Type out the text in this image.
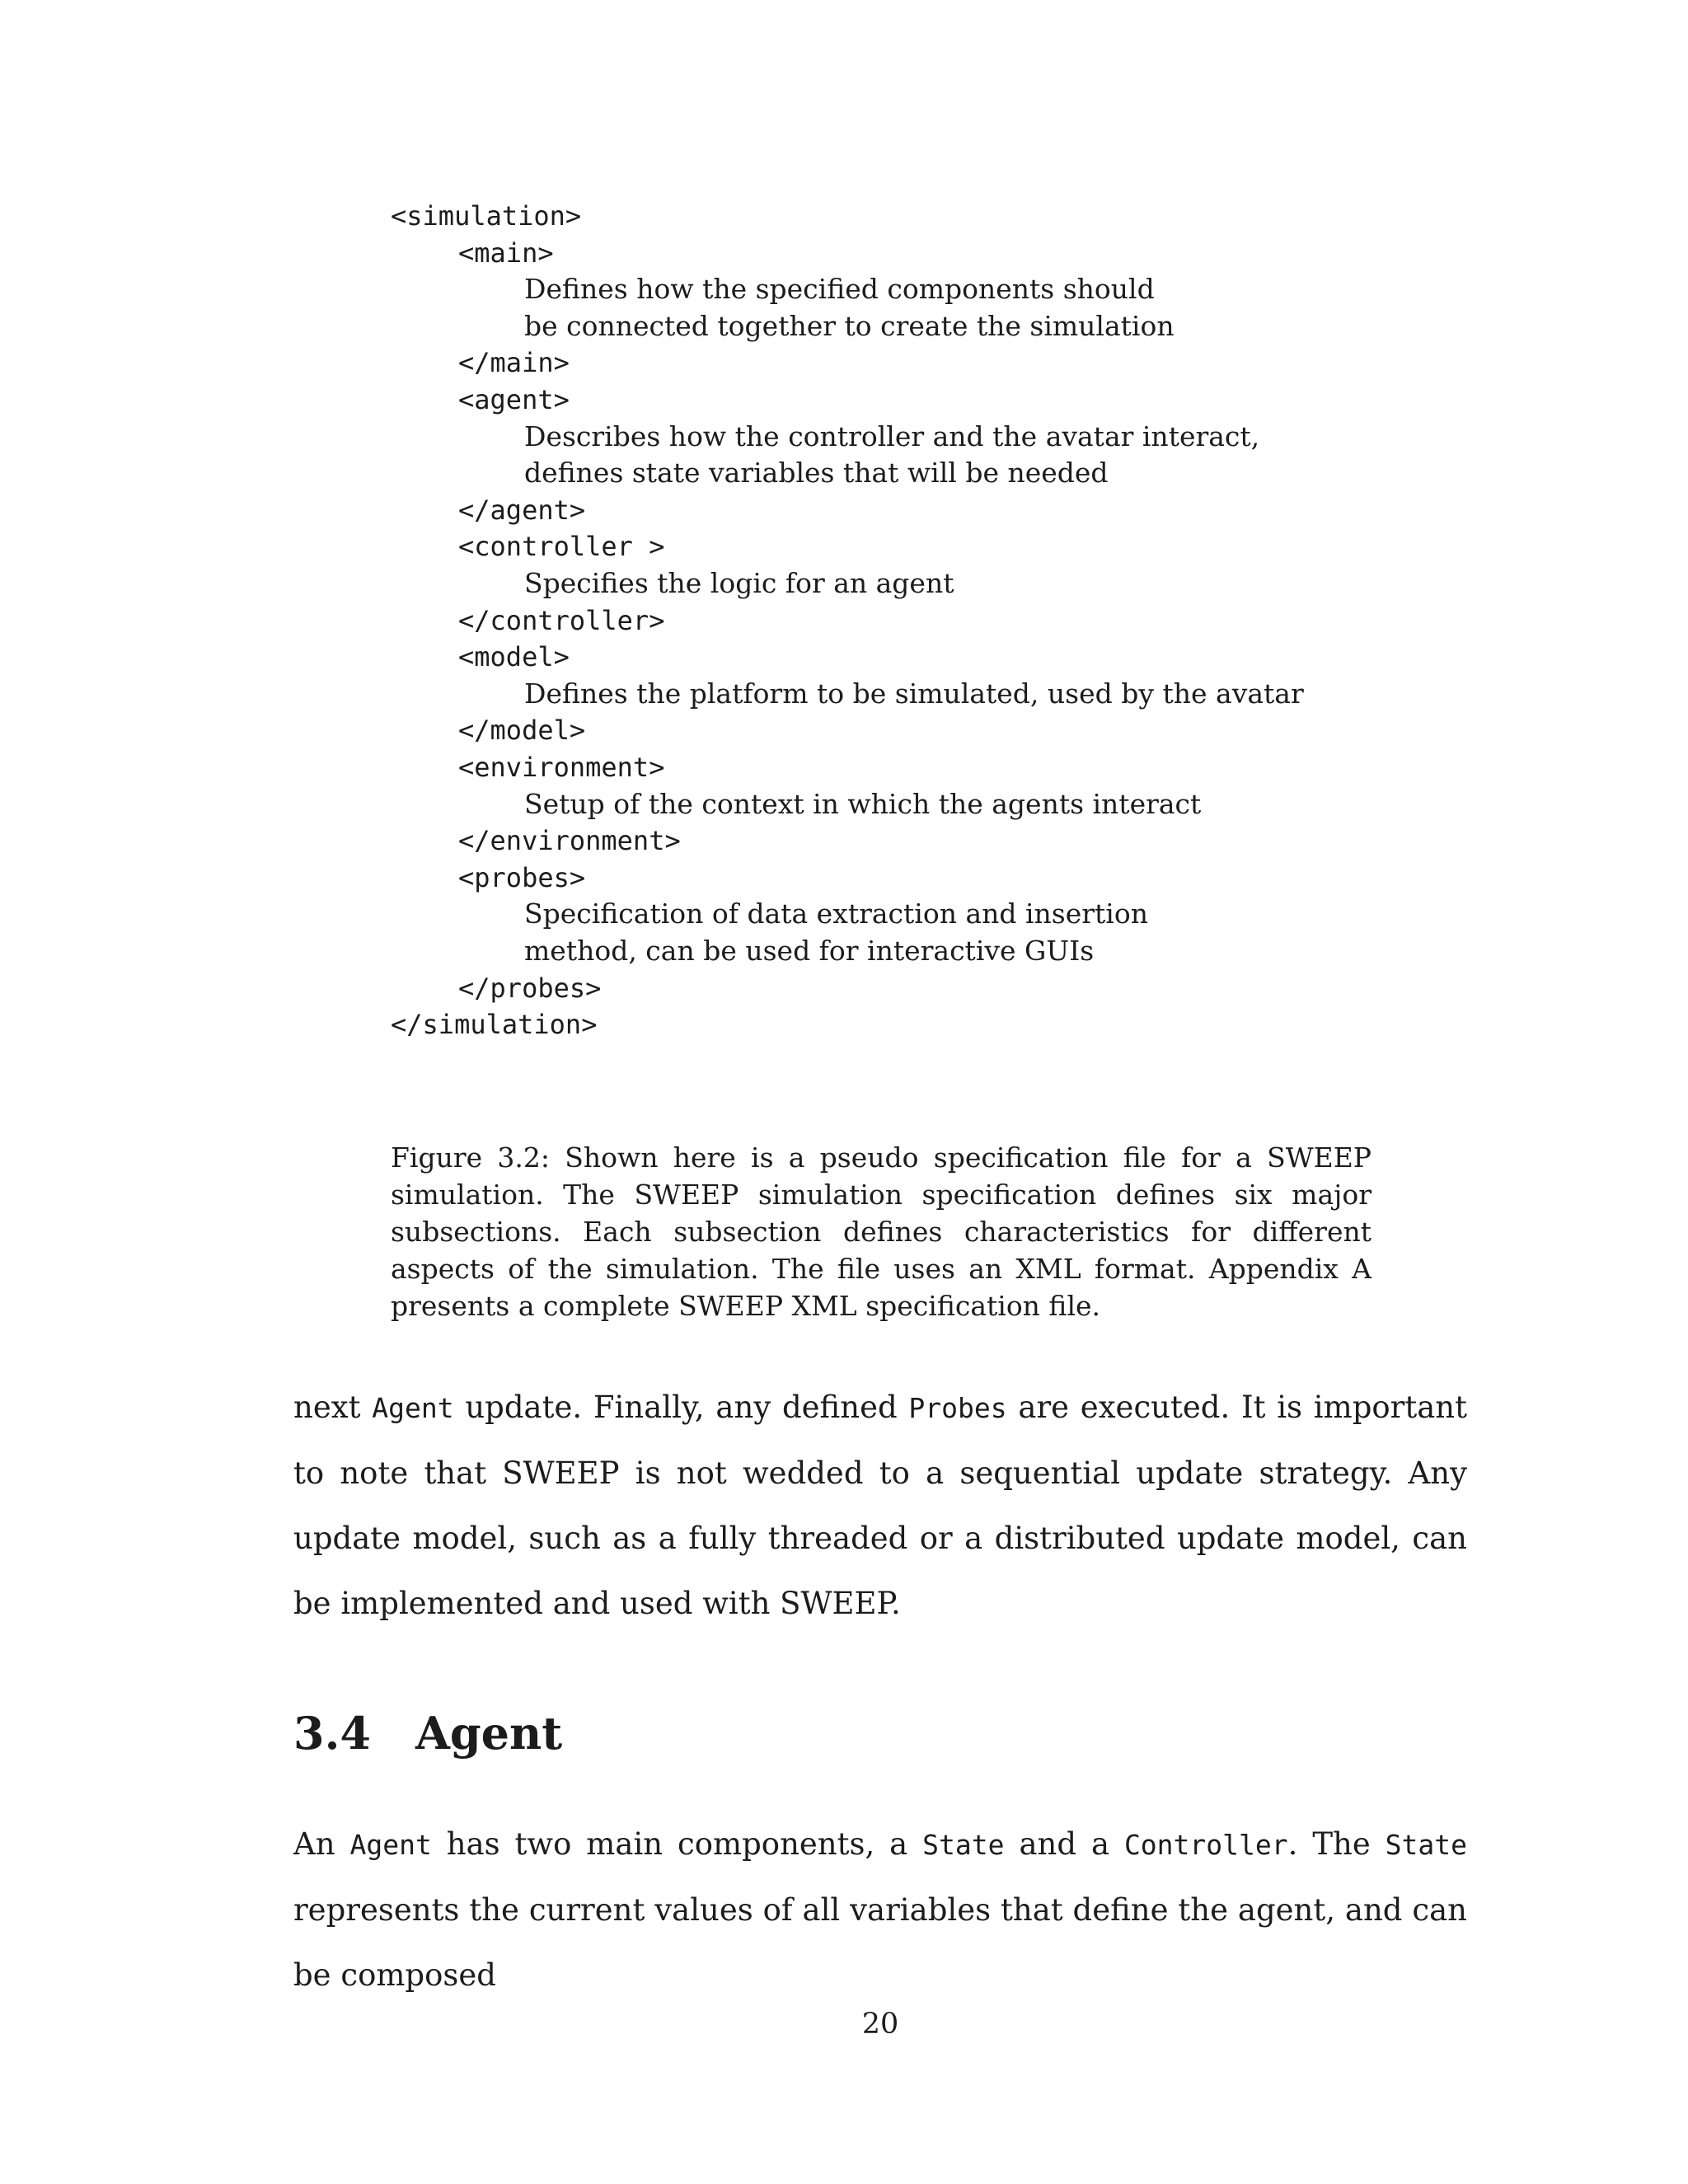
<simulation>
<main>
Defines how the specified components should
be connected together to create the simulation
</main>
<agent>
Describes how the controller and the avatar interact,
defines state variables that will be needed
</agent>
<controller >
Specifies the logic for an agent
</controller>
<model>
Defines the platform to be simulated, used by the avatar
</model>
<environment>
Setup of the context in which the agents interact
</environment>
<probes>
Specification of data extraction and insertion
method, can be used for interactive GUIs
</probes>
</simulation>
Figure 3.2: Shown here is a pseudo specification file for a SWEEP simulation. The SWEEP simulation specification defines six major subsections. Each subsection defines characteristics for different aspects of the simulation. The file uses an XML format. Appendix A presents a complete SWEEP XML specification file.

next Agent update. Finally, any defined Probes are executed. It is important to note that SWEEP is not wedded to a sequential update strategy. Any update model, such as a fully threaded or a distributed update model, can be implemented and used with SWEEP.

3.4 Agent

An Agent has two main components, a State and a Controller. The State represents the current values of all variables that define the agent, and can be composed

20
